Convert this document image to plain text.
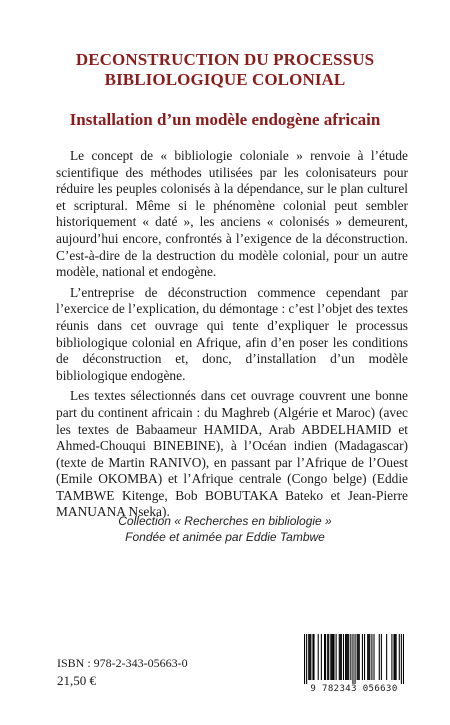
DECONSTRUCTION DU PROCESSUS
BIBLIOLOGIQUE COLONIAL
Installation d’un modèle endogène africain

Le concept de « bibliologie coloniale » renvoie à l’étude scientifique des méthodes utilisées par les colonisateurs pour réduire les peuples colonisés à la dépendance, sur le plan culturel et scriptural. Même si le phénomène colonial peut sembler historiquement « daté », les anciens « colonisés » demeurent, aujourd’hui encore, confrontés à l’exigence de la déconstruction. C’est-à-dire de la destruction du modèle colonial, pour un autre modèle, national et endogène.

L’entreprise de déconstruction commence cependant par l’exercice de l’explication, du démontage : c’est l’objet des textes réunis dans cet ouvrage qui tente d’expliquer le processus bibliologique colonial en Afrique, afin d’en poser les conditions de déconstruction et, donc, d’installation d’un modèle bibliologique endogène.

Les textes sélectionnés dans cet ouvrage couvrent une bonne part du continent africain : du Maghreb (Algérie et Maroc) (avec les textes de Babaameur HAMIDA, Arab ABDELHAMID et Ahmed-Chouqui BINEBINE), à l’Océan indien (Madagascar) (texte de Martin RANIVO), en passant par l’Afrique de l’Ouest (Emile OKOMBA) et l’Afrique centrale (Congo belge) (Eddie TAMBWE Kitenge, Bob BOBUTAKA Bateko et Jean-Pierre MANUANA Nseka).

Collection « Recherches en bibliologie »
Fondée et animée par Eddie Tambwe
ISBN : 978-2-343-05663-0
21,50 €
9 782343 056630
